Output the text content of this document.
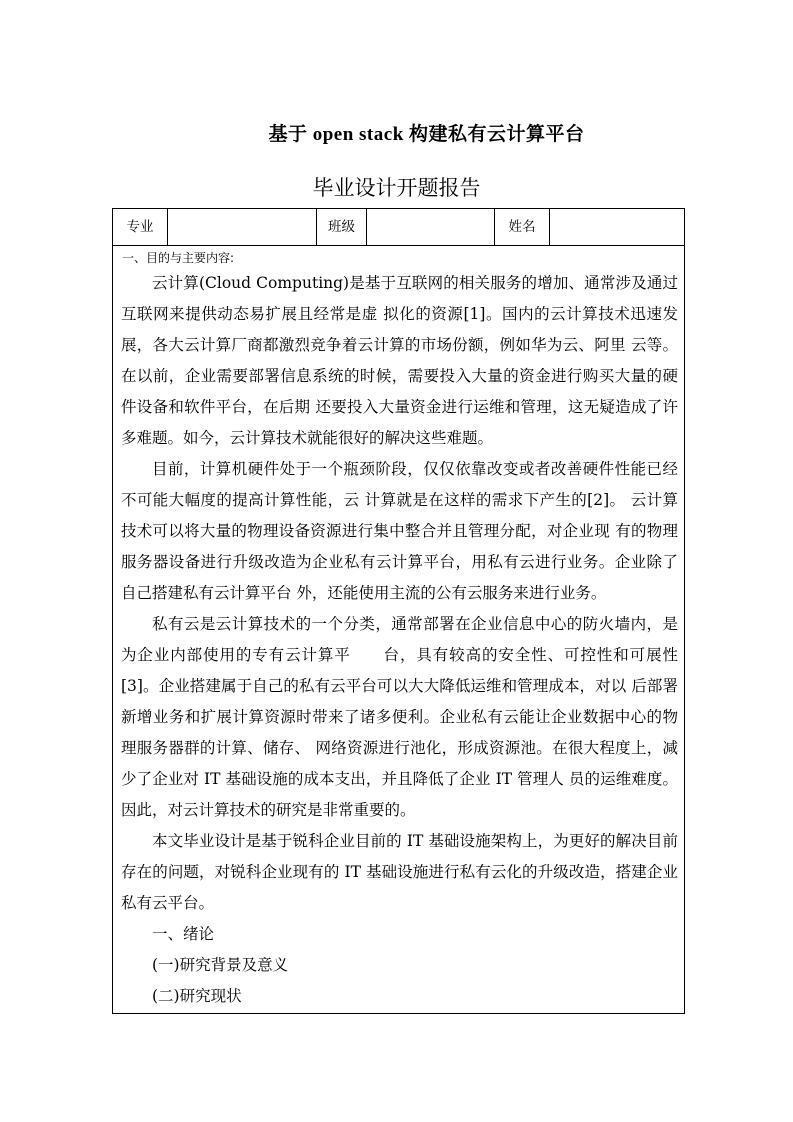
基于 open stack 构建私有云计算平台
毕业设计开题报告
专业	班级	姓名
一、目的与主要内容:

云计算(Cloud Computing)是基于互联网的相关服务的增加、通常涉及通过互联网来提供动态易扩展且经常是虚 拟化的资源[1]。国内的云计算技术迅速发展，各大云计算厂商都激烈竞争着云计算的市场份额，例如华为云、阿里 云等。在以前，企业需要部署信息系统的时候，需要投入大量的资金进行购买大量的硬件设备和软件平台，在后期 还要投入大量资金进行运维和管理，这无疑造成了许多难题。如今，云计算技术就能很好的解决这些难题。

目前，计算机硬件处于一个瓶颈阶段，仅仅依靠改变或者改善硬件性能已经不可能大幅度的提高计算性能，云 计算就是在这样的需求下产生的[2]。 云计算技术可以将大量的物理设备资源进行集中整合并且管理分配，对企业现 有的物理服务器设备进行升级改造为企业私有云计算平台，用私有云进行业务。企业除了自己搭建私有云计算平台 外，还能使用主流的公有云服务来进行业务。

私有云是云计算技术的一个分类，通常部署在企业信息中心的防火墙内，是为企业内部使用的专有云计算平　　台，具有较高的安全性、可控性和可展性[3]。企业搭建属于自己的私有云平台可以大大降低运维和管理成本，对以 后部署新增业务和扩展计算资源时带来了诸多便利。企业私有云能让企业数据中心的物理服务器群的计算、储存、 网络资源进行池化，形成资源池。在很大程度上，减少了企业对 IT 基础设施的成本支出，并且降低了企业 IT 管理人 员的运维难度。因此，对云计算技术的研究是非常重要的。

本文毕业设计是基于锐科企业目前的 IT 基础设施架构上，为更好的解决目前存在的问题，对锐科企业现有的 IT 基础设施进行私有云化的升级改造，搭建企业私有云平台。

一、绪论

(一)研究背景及意义

(二)研究现状
